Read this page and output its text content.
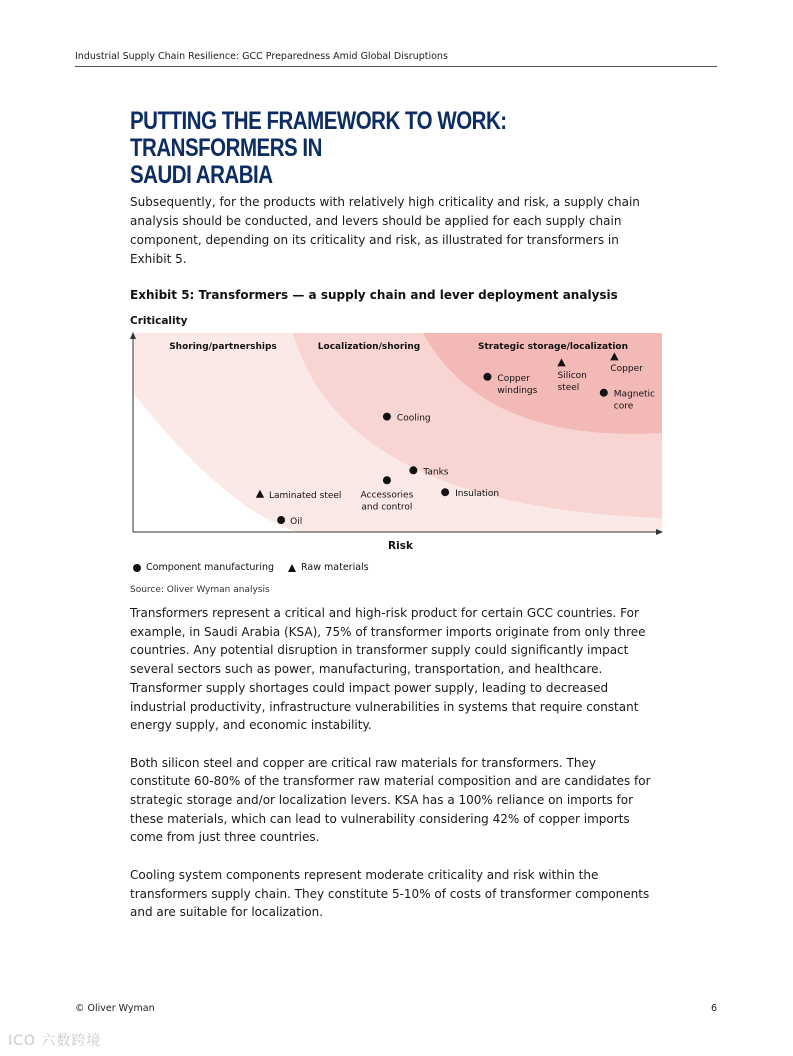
Industrial Supply Chain Resilience: GCC Preparedness Amid Global Disruptions
PUTTING THE FRAMEWORK TO WORK: TRANSFORMERS IN
SAUDI ARABIA
Subsequently, for the products with relatively high criticality and risk, a supply chain analysis should be conducted, and levers should be applied for each supply chain component, depending on its criticality and risk, as illustrated for transformers in Exhibit 5.
Exhibit 5: Transformers — a supply chain and lever deployment analysis
Criticality
Shoring/partnerships	Localization/shoring	Strategic storage/localization
Risk
Copper
windings
Silicon
steel
Copper
Magnetic
core
Cooling
Tanks
Accessories
and control
Insulation
Laminated steel
Oil
Component manufacturing	Raw materials
Source: Oliver Wyman analysis

Transformers represent a critical and high-risk product for certain GCC countries. For example, in Saudi Arabia (KSA), 75% of transformer imports originate from only three countries. Any potential disruption in transformer supply could significantly impact several sectors such as power, manufacturing, transportation, and healthcare. Transformer supply shortages could impact power supply, leading to decreased industrial productivity, infrastructure vulnerabilities in systems that require constant energy supply, and economic instability.

Both silicon steel and copper are critical raw materials for transformers. They constitute 60-80% of the transformer raw material composition and are candidates for strategic storage and/or localization levers. KSA has a 100% reliance on imports for these materials, which can lead to vulnerability considering 42% of copper imports come from just three countries.

Cooling system components represent moderate criticality and risk within the transformers supply chain. They constitute 5-10% of costs of transformer components and are suitable for localization.

© Oliver Wyman	6
ICO 六数跨境
